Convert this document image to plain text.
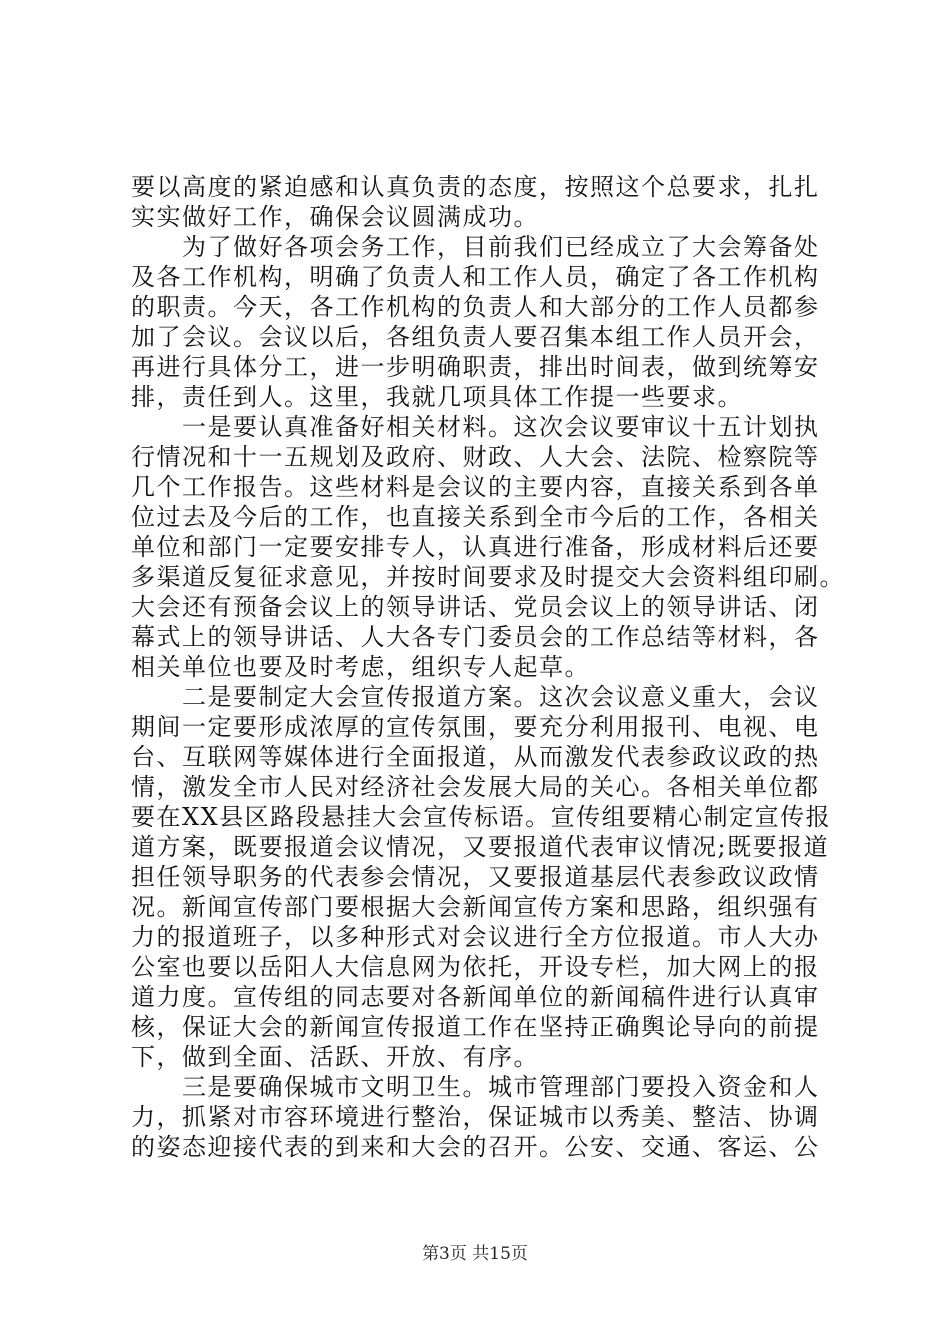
要以高度的紧迫感和认真负责的态度，按照这个总要求，扎扎
实实做好工作，确保会议圆满成功。
　　为了做好各项会务工作，目前我们已经成立了大会筹备处
及各工作机构，明确了负责人和工作人员，确定了各工作机构
的职责。今天，各工作机构的负责人和大部分的工作人员都参
加了会议。会议以后，各组负责人要召集本组工作人员开会，
再进行具体分工，进一步明确职责，排出时间表，做到统筹安
排，责任到人。这里，我就几项具体工作提一些要求。
　　一是要认真准备好相关材料。这次会议要审议十五计划执
行情况和十一五规划及政府、财政、人大会、法院、检察院等
几个工作报告。这些材料是会议的主要内容，直接关系到各单
位过去及今后的工作，也直接关系到全市今后的工作，各相关
单位和部门一定要安排专人，认真进行准备，形成材料后还要
多渠道反复征求意见，并按时间要求及时提交大会资料组印刷。
大会还有预备会议上的领导讲话、党员会议上的领导讲话、闭
幕式上的领导讲话、人大各专门委员会的工作总结等材料，各
相关单位也要及时考虑，组织专人起草。
　　二是要制定大会宣传报道方案。这次会议意义重大，会议
期间一定要形成浓厚的宣传氛围，要充分利用报刊、电视、电
台、互联网等媒体进行全面报道，从而激发代表参政议政的热
情，激发全市人民对经济社会发展大局的关心。各相关单位都
要在XX县区路段悬挂大会宣传标语。宣传组要精心制定宣传报
道方案，既要报道会议情况，又要报道代表审议情况;既要报道
担任领导职务的代表参会情况，又要报道基层代表参政议政情
况。新闻宣传部门要根据大会新闻宣传方案和思路，组织强有
力的报道班子，以多种形式对会议进行全方位报道。市人大办
公室也要以岳阳人大信息网为依托，开设专栏，加大网上的报
道力度。宣传组的同志要对各新闻单位的新闻稿件进行认真审
核，保证大会的新闻宣传报道工作在坚持正确舆论导向的前提
下，做到全面、活跃、开放、有序。
　　三是要确保城市文明卫生。城市管理部门要投入资金和人
力，抓紧对市容环境进行整治，保证城市以秀美、整洁、协调
的姿态迎接代表的到来和大会的召开。公安、交通、客运、公
第3页 共15页
